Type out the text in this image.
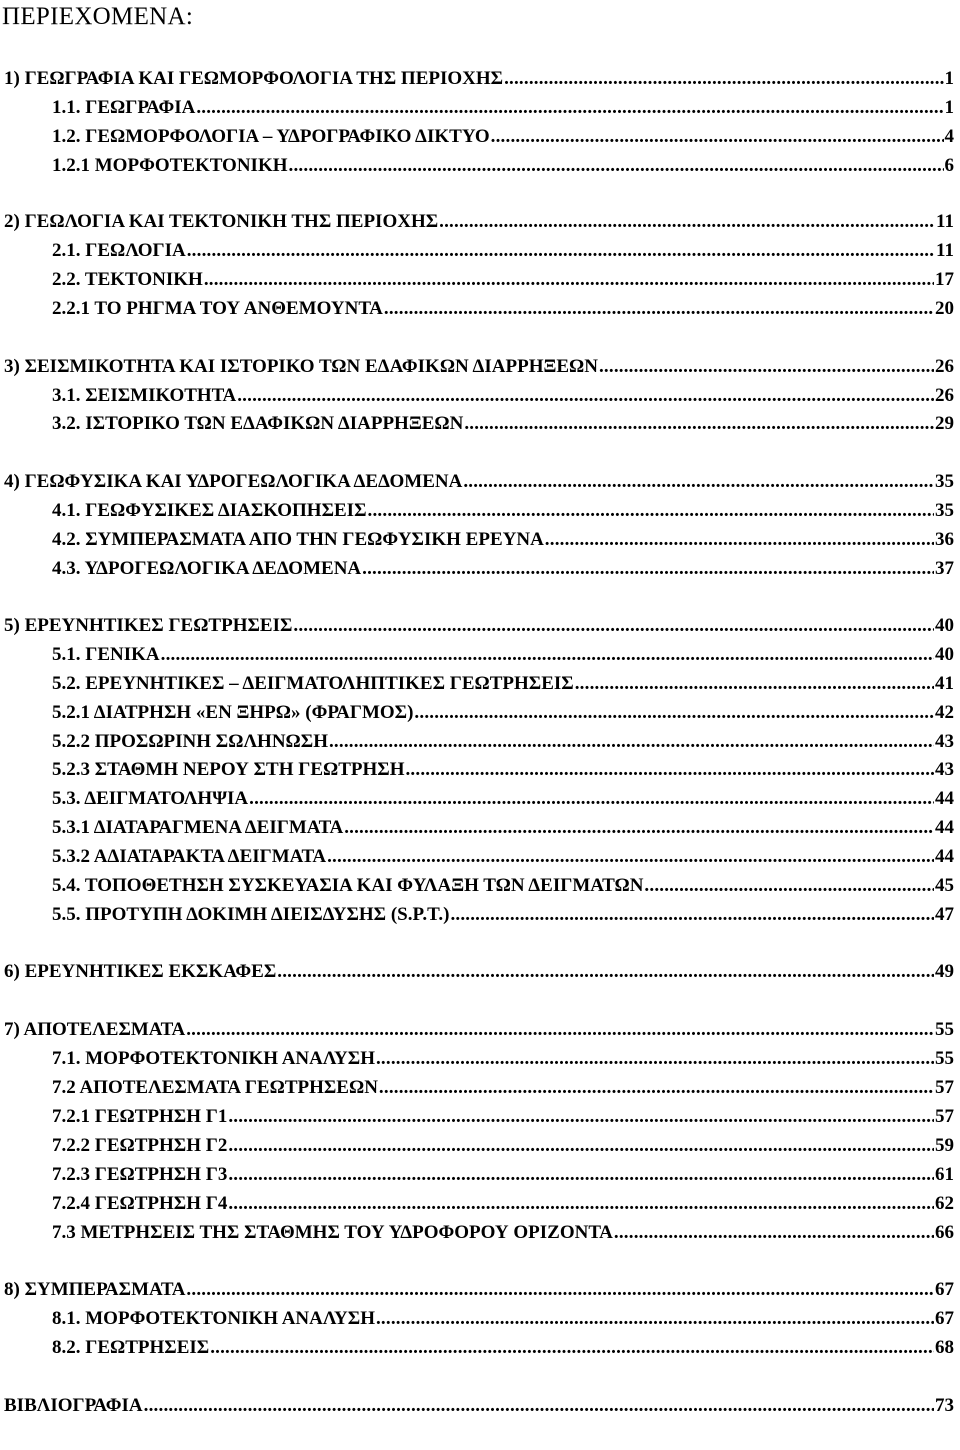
ΠΕΡΙΕΧΟΜΕΝΑ:
1) ΓΕΩΓΡΑΦΙΑ ΚΑΙ ΓΕΩΜΟΡΦΟΛΟΓΙΑ ΤΗΣ ΠΕΡΙΟΧΗΣ .....	1
1.1. ΓΕΩΓΡΑΦΙΑ .....	1
1.2. ΓΕΩΜΟΡΦΟΛΟΓΙΑ – ΥΔΡΟΓΡΑΦΙΚΟ ΔΙΚΤΥΟ .....	4
1.2.1 ΜΟΡΦΟΤΕΚΤΟΝΙΚΗ .....	6
2) ΓΕΩΛΟΓΙΑ ΚΑΙ ΤΕΚΤΟΝΙΚΗ ΤΗΣ ΠΕΡΙΟΧΗΣ .....	11
2.1. ΓΕΩΛΟΓΙΑ .....	11
2.2. ΤΕΚΤΟΝΙΚΗ .....	17
2.2.1 ΤΟ ΡΗΓΜΑ ΤΟΥ ΑΝΘΕΜΟΥΝΤΑ .....	20
3) ΣΕΙΣΜΙΚΟΤΗΤΑ ΚΑΙ ΙΣΤΟΡΙΚΟ ΤΩΝ ΕΔΑΦΙΚΩΝ ΔΙΑΡΡΗΞΕΩΝ .....	26
3.1. ΣΕΙΣΜΙΚΟΤΗΤΑ .....	26
3.2. ΙΣΤΟΡΙΚΟ ΤΩΝ ΕΔΑΦΙΚΩΝ ΔΙΑΡΡΗΞΕΩΝ .....	29
4) ΓΕΩΦΥΣΙΚΑ ΚΑΙ ΥΔΡΟΓΕΩΛΟΓΙΚΑ ΔΕΔΟΜΕΝΑ .....	35
4.1. ΓΕΩΦΥΣΙΚΕΣ ΔΙΑΣΚΟΠΗΣΕΙΣ .....	35
4.2. ΣΥΜΠΕΡΑΣΜΑΤΑ ΑΠΟ ΤΗΝ ΓΕΩΦΥΣΙΚΗ ΕΡΕΥΝΑ .....	36
4.3. ΥΔΡΟΓΕΩΛΟΓΙΚΑ ΔΕΔΟΜΕΝΑ .....	37
5) ΕΡΕΥΝΗΤΙΚΕΣ ΓΕΩΤΡΗΣΕΙΣ .....	40
5.1. ΓΕΝΙΚΑ .....	40
5.2. ΕΡΕΥΝΗΤΙΚΕΣ – ΔΕΙΓΜΑΤΟΛΗΠΤΙΚΕΣ ΓΕΩΤΡΗΣΕΙΣ .....	41
5.2.1 ΔΙΑΤΡΗΣΗ «ΕΝ ΞΗΡΩ» (ΦΡΑΓΜΟΣ) .....	42
5.2.2 ΠΡΟΣΩΡΙΝΗ ΣΩΛΗΝΩΣΗ .....	43
5.2.3 ΣΤΑΘΜΗ ΝΕΡΟΥ ΣΤΗ ΓΕΩΤΡΗΣΗ .....	43
5.3. ΔΕΙΓΜΑΤΟΛΗΨΙΑ .....	44
5.3.1 ΔΙΑΤΑΡΑΓΜΕΝΑ ΔΕΙΓΜΑΤΑ .....	44
5.3.2 ΑΔΙΑΤΑΡΑΚΤΑ ΔΕΙΓΜΑΤΑ .....	44
5.4. ΤΟΠΟΘΕΤΗΣΗ ΣΥΣΚΕΥΑΣΙΑ ΚΑΙ ΦΥΛΑΞΗ ΤΩΝ ΔΕΙΓΜΑΤΩΝ .....	45
5.5. ΠΡΟΤΥΠΗ ΔΟΚΙΜΗ ΔΙΕΙΣΔΥΣΗΣ (S.P.T.) .....	47
6) ΕΡΕΥΝΗΤΙΚΕΣ ΕΚΣΚΑΦΕΣ .....	49
7) ΑΠΟΤΕΛΕΣΜΑΤΑ .....	55
7.1. ΜΟΡΦΟΤΕΚΤΟΝΙΚΗ ΑΝΑΛΥΣΗ .....	55
7.2 ΑΠΟΤΕΛΕΣΜΑΤΑ ΓΕΩΤΡΗΣΕΩΝ .....	57
7.2.1 ΓΕΩΤΡΗΣΗ Γ1 .....	57
7.2.2 ΓΕΩΤΡΗΣΗ Γ2 .....	59
7.2.3 ΓΕΩΤΡΗΣΗ Γ3 .....	61
7.2.4 ΓΕΩΤΡΗΣΗ Γ4 .....	62
7.3 ΜΕΤΡΗΣΕΙΣ ΤΗΣ ΣΤΑΘΜΗΣ ΤΟΥ ΥΔΡΟΦΟΡΟΥ ΟΡΙΖΟΝΤΑ .....	66
8) ΣΥΜΠΕΡΑΣΜΑΤΑ .....	67
8.1. ΜΟΡΦΟΤΕΚΤΟΝΙΚΗ ΑΝΑΛΥΣΗ .....	67
8.2. ΓΕΩΤΡΗΣΕΙΣ .....	68
ΒΙΒΛΙΟΓΡΑΦΙΑ .....	73
